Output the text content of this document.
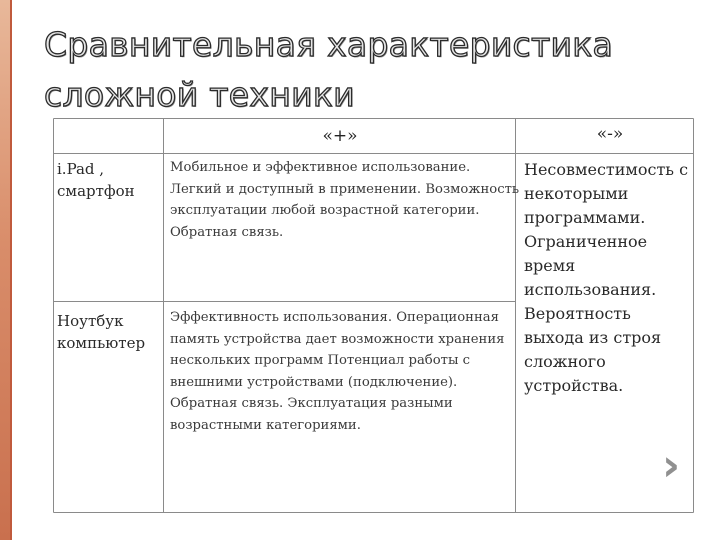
Сравнительная характеристика сложной техники
«+»	«-»
i.Pad , смартфон
Мобильное и эффективное использование. Легкий и доступный в применении. Возможность эксплуатации любой возрастной категории. Обратная связь.
Ноутбук компьютер
Эффективность использования. Операционная память устройства дает возможности хранения нескольких программ Потенциал работы с внешними устройствами (подключение). Обратная связь. Эксплуатация разными возрастными категориями.
Несовместимость с некоторыми программами. Ограниченное время использования. Вероятность выхода из строя сложного устройства.
›
